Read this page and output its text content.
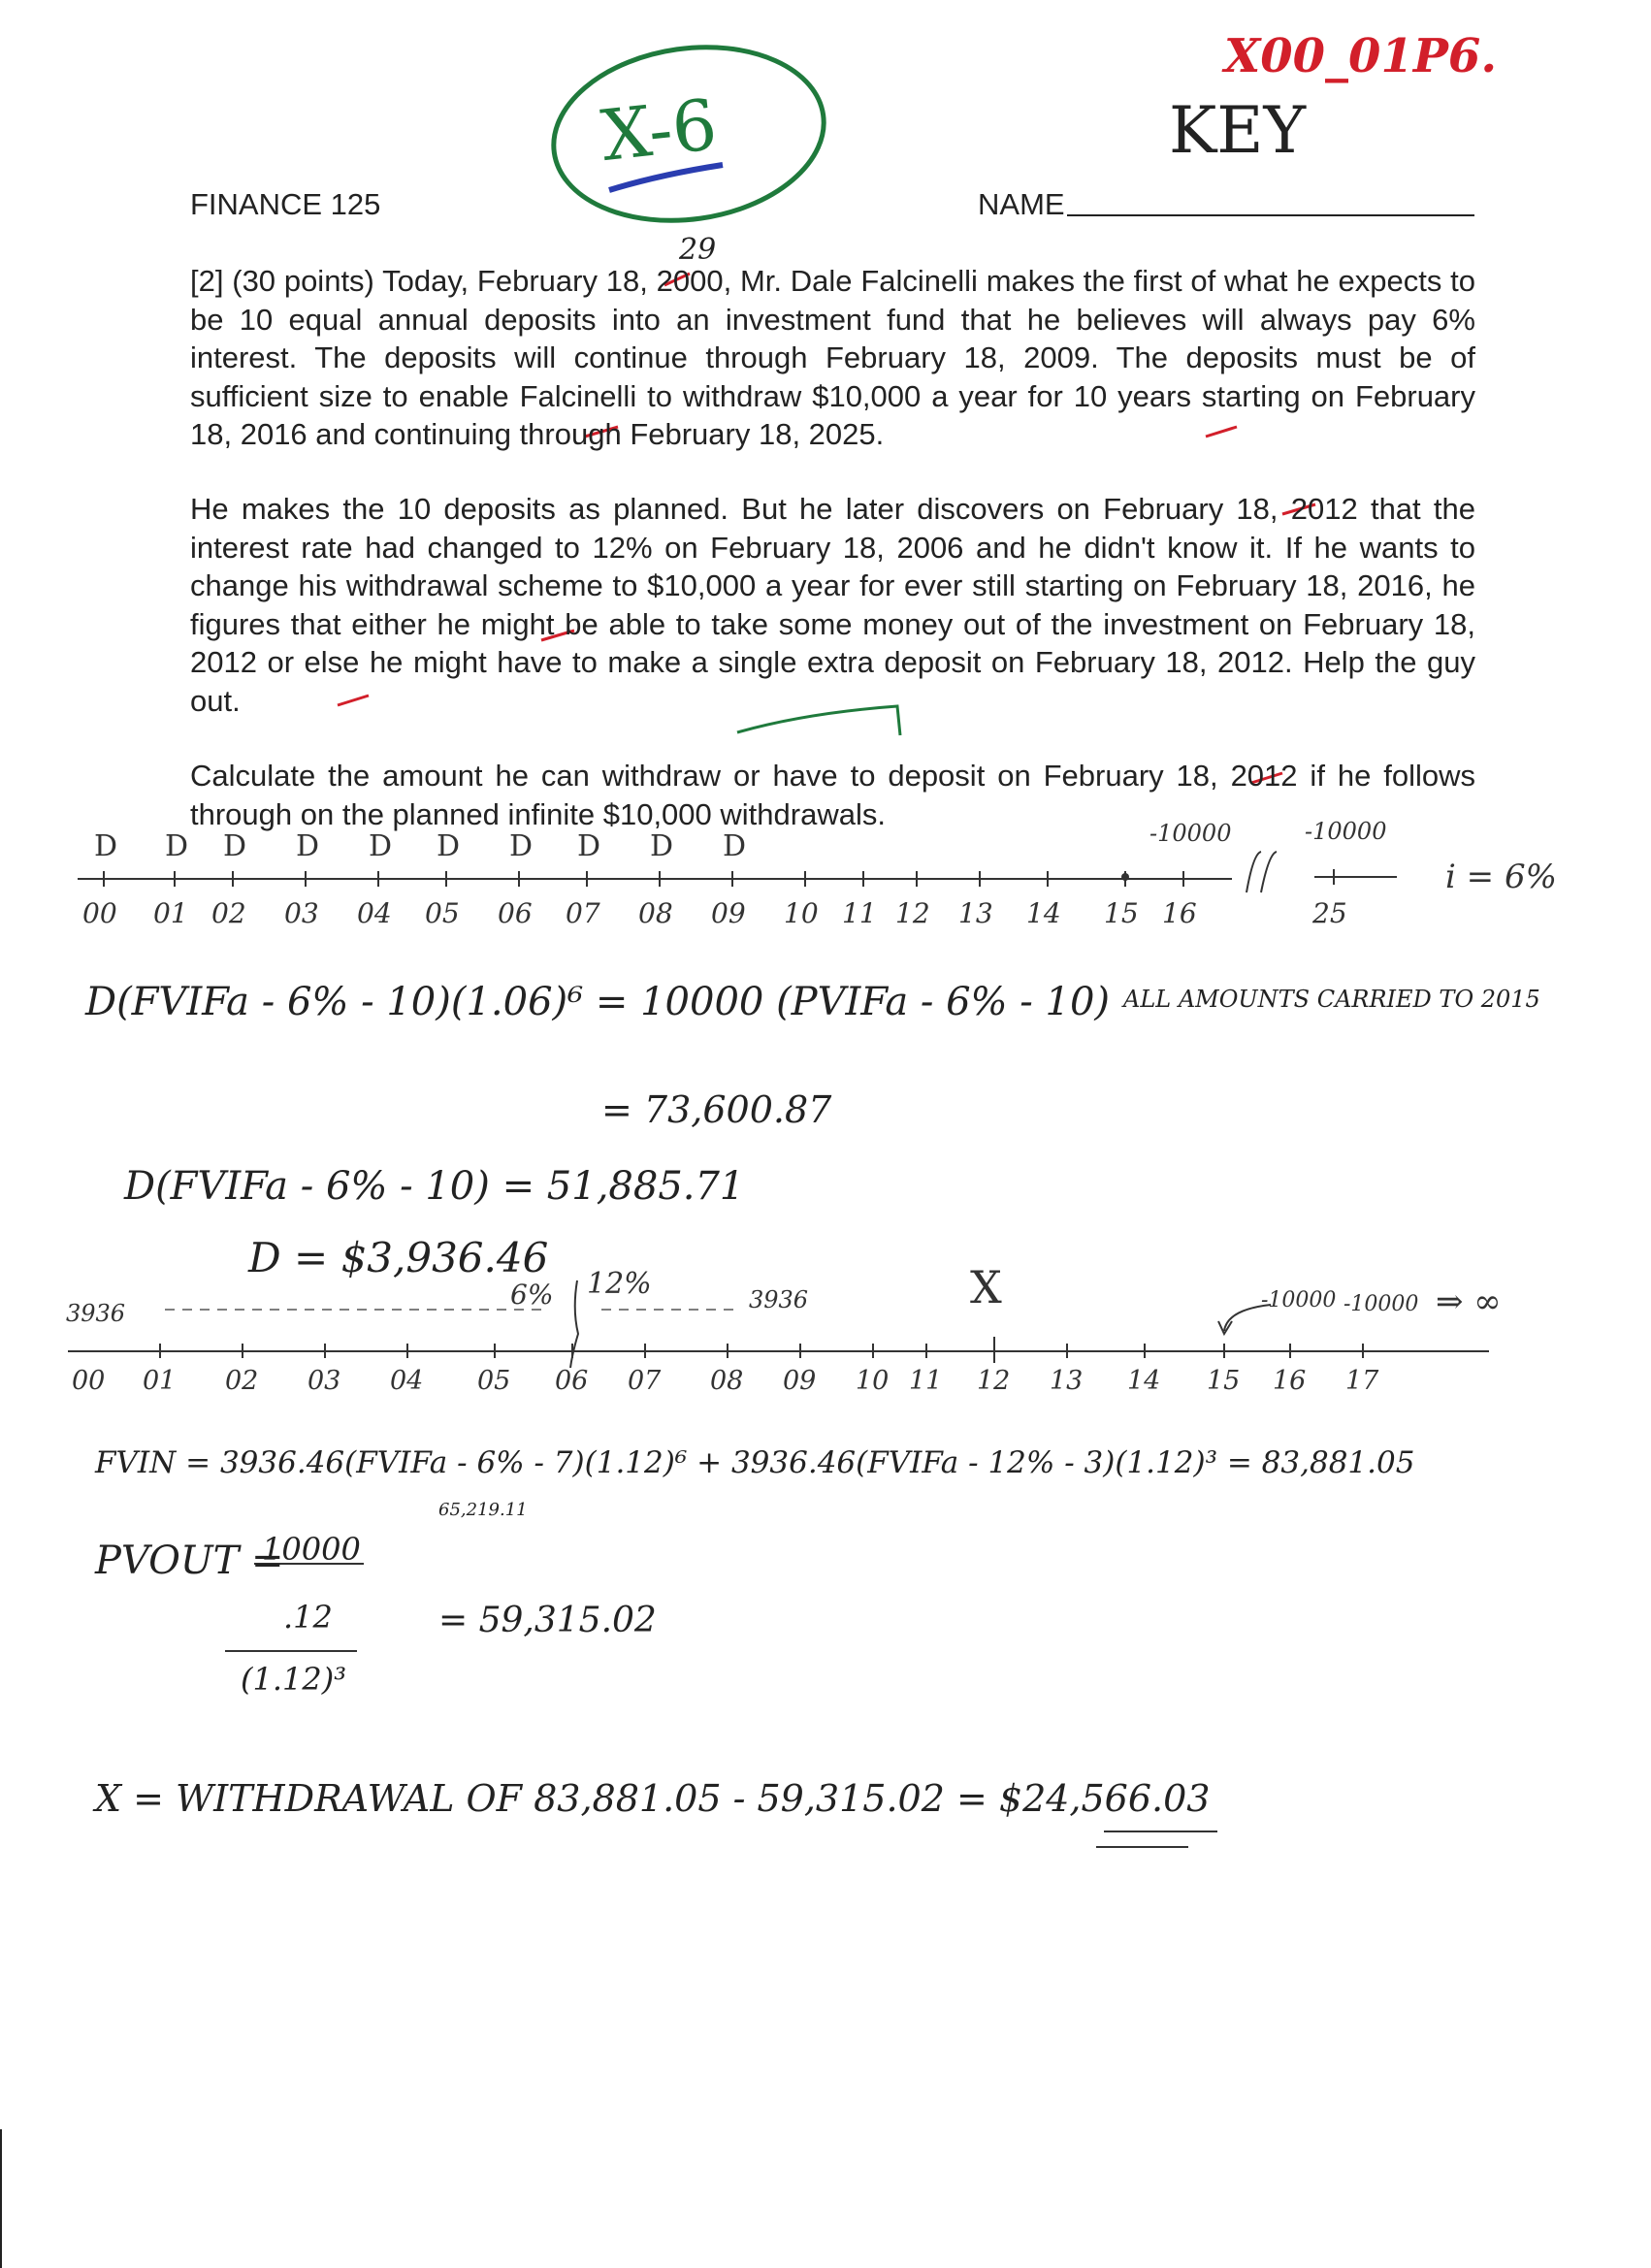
X-6
X00_01P6.
KEY
FINANCE 125	NAME
29
[2] (30 points) Today, February 18, 2000, Mr. Dale Falcinelli makes the first of what he expects to be 10 equal annual deposits into an investment fund that he believes will always pay 6% interest. The deposits will continue through February 18, 2009. The deposits must be of sufficient size to enable Falcinelli to withdraw $10,000 a year for 10 years starting on February 18, 2016 and continuing through February 18, 2025.
He makes the 10 deposits as planned. But he later discovers on February 18, 2012 that the interest rate had changed to 12% on February 18, 2006 and he didn't know it. If he wants to change his withdrawal scheme to $10,000 a year for ever still starting on February 18, 2016, he figures that either he might be able to take some money out of the investment on February 18, 2012 or else he might have to make a single extra deposit on February 18, 2012. Help the guy out.
Calculate the amount he can withdraw or have to deposit on February 18, 2012 if he follows through on the planned infinite $10,000 withdrawals.
D D D D D D D D D D
00 01 02 03 04 05 06 07 08 09 10 11 12 13 14 15 16	25
-10000	-10000
i = 6%
D(FVIFa - 6% - 10)(1.06)⁶ = 10000 (PVIFa - 6% - 10) ALL AMOUNTS CARRIED TO 2015
= 73,600.87
D(FVIFa - 6% - 10) = 51,885.71
D = $3,936.46
3936	3936
6% 12%	X	-10000 -10000 ⇒ ∞
00 01 02 03 04 05 06 07 08 09 10 11 12 13 14 15 16 17
FVIN = 3936.46(FVIFa - 6% - 7)(1.12)⁶ + 3936.46(FVIFa - 12% - 3)(1.12)³ = 83,881.05
65,219.11
PVOUT =
10000
.12
(1.12)³
= 59,315.02
X = WITHDRAWAL OF 83,881.05 - 59,315.02 = $24,566.03
